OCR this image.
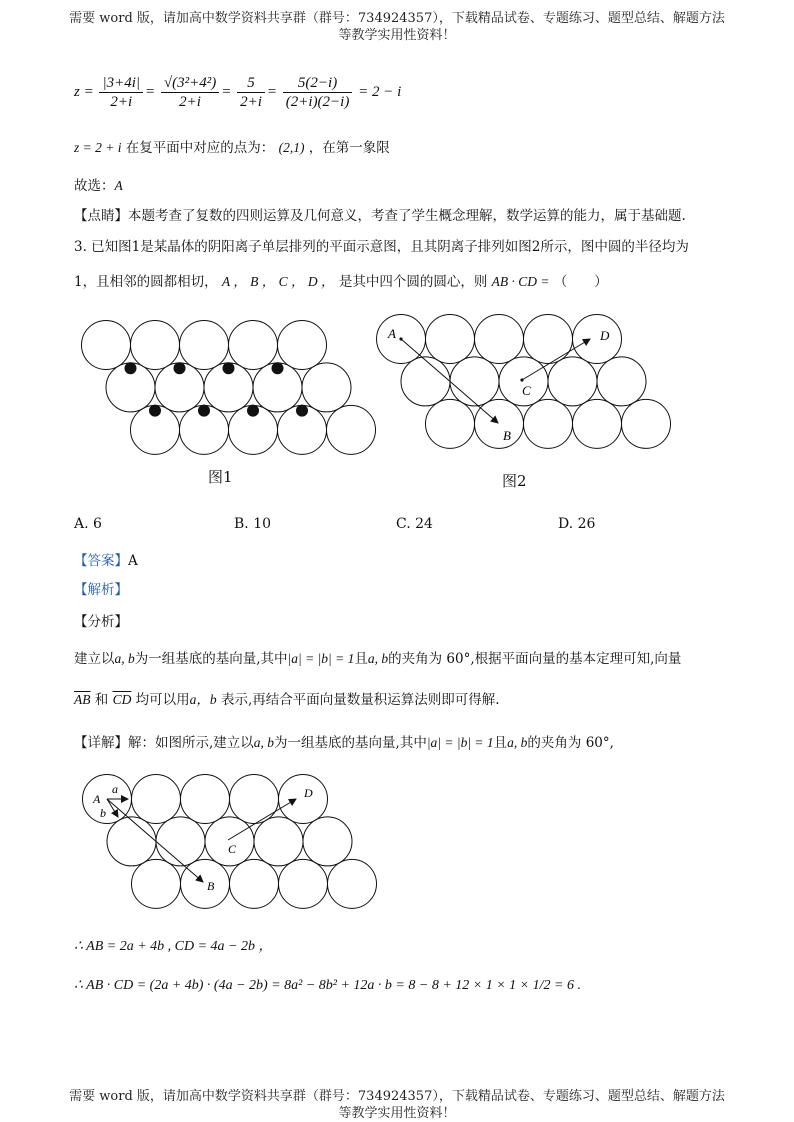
需要 word 版，请加高中数学资料共享群（群号：734924357），下载精品试卷、专题练习、题型总结、解题方法
等教学实用性资料！
$z = \frac{|3+4i|}{2+i} = \frac{\text{√(3²+4²)}}{2+i} = \frac{5}{2+i} = \frac{5(2-i)}{(2+i)(2-i)} = 2 - i$
z = 2 + i 在复平面中对应的点为： (2,1) ，在第一象限
故选：A
【点睛】本题考查了复数的四则运算及几何意义，考查了学生概念理解，数学运算的能力，属于基础题.
3. 已知图1是某晶体的阴阳离子单层排列的平面示意图，且其阴离子排列如图2所示，图中圆的半径均为
1，且相邻的圆都相切， A ， B ， C ， D ， 是其中四个圆的圆心，则 AB · CD = （　　）
图1
A
B
C
D
图2
A. 6	B. 10	C. 24	D. 26
【答案】A
【解析】
【分析】
建立以a, b为一组基底的基向量,其中|a| = |b| = 1且a, b的夹角为 60°,根据平面向量的基本定理可知,向量
$\overline{AB}$ 和 $\overline{CD}$ 均可以用a，b 表示,再结合平面向量数量积运算法则即可得解.
【详解】解：如图所示,建立以a, b为一组基底的基向量,其中|a| = |b| = 1且a, b的夹角为 60°,
A
a
b
B
C
D
∴ AB = 2a + 4b , CD = 4a − 2b ，
∴ AB · CD = (2a + 4b) · (4a − 2b) = 8a² − 8b² + 12a · b = 8 − 8 + 12 × 1 × 1 × 1/2 = 6 .
需要 word 版，请加高中数学资料共享群（群号：734924357），下载精品试卷、专题练习、题型总结、解题方法
等教学实用性资料！
